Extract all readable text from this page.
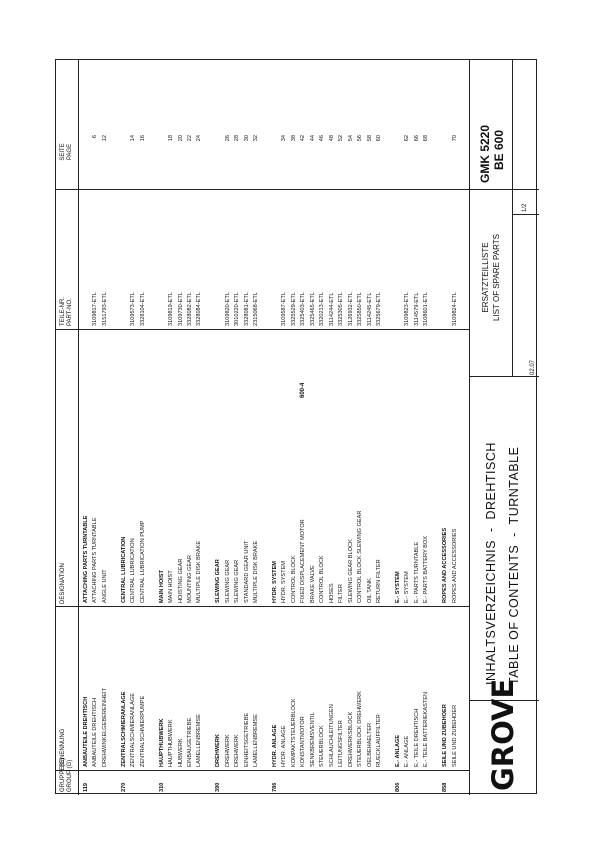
600-4
GRUPPE(G)
GROUP (G)
BENENNUNG
DESIGNATION
TEILE-NR.
PART-NO.
SEITE
PAGE
119
ANBAUTEILE DREHTISCH
ATTACHING PARTS TURNTABLE
ANBAUTEILE DREHTISCH
ATTACHING PARTS TURNTABLE
3109817-ETL
6
DREHWINKELGEBEREINHEIT
ANGLE UNIT
3151793-ETL
12
270
ZENTRALSCHMIERANLAGE
CENTRAL LUBRICATION
ZENTRALSCHMIERANLAGE
CENTRAL LUBRICATION
3109573-ETL
14
ZENTRALSCHMIERPUMPE
CENTRAL LUBRICATION PUMP
3328104-ETL
16
310
HAUPTHUBWERK
MAIN HOIST
HAUPTHUBWERK
MAIN HOIST
3109819-ETL
18
HUBWERK
HOISTING GEAR
3109730-ETL
20
EINBAUGETRIEBE
MOUNTING GEAR
3328082-ETL
22
LAMELLENBREMSE
MULTIPLE DISK BRAKE
3328084-ETL
24
390
DREHWERK
SLEWING GEAR
DREHWERK
SLEWING GEAR
3109820-ETL
26
DREHWERK
SLEWING GEAR
3010220-ETL
28
EINHEITSGETRIEBE
STANDARD GEAR UNIT
3328081-ETL
30
LAMELLENBREMSE
MULTIPLE DISK BRAKE
2315068-ETL
32
786
HYDR. ANLAGE
HYDR. SYSTEM
HYDR. ANLAGE
HYDR. SYSTEM
3109587-ETL
34
KOMPAKTSTEUERBLOCK
CONTROL BLOCK
3325529-ETL
38
KONSTANTMOTOR
FIXED DISPLACEMENT MOTOR
3325403-ETL
42
SENKBREMSVENTIL
BRAKE VALVE
3325465-ETL
44
STEUERBLOCK
CONTROL BLOCK
3320213-ETL
46
SCHLAUCHLEITUNGEN
HOSES
3114244-ETL
48
LEITUNGSFILTER
FILTER
3325305-ETL
52
DREHWERKSBLOCK
SLEWING GEAR BLOCK
3126932-ETL
54
STEUERBLOCK DREHWERK
CONTROL BLOCK SLEWING GEAR
3325850-ETL
56
OELBEHAELTER
OIL TANK
3114245-ETL
58
RUECKLAUFFILTER
RETURN FILTER
3325679-ETL
60
806
E.- ANLAGE
E.- SYSTEM
E.- ANLAGE
E.- SYSTEM
3109823-ETL
62
E.- TEILE DREHTISCH
E.- PARTS TURNTABLE
3114579-ETL
66
E.- TEILE BATTERIEKASTEN
E.- PARTS BATTERY BOX
3108601-ETL
68
858
SEILE UND ZUBEHOER
ROPES AND ACCESSORIES
SEILE UND ZUBEHOER
ROPES AND ACCESSORIES
3109824-ETL
70
GROVE
INHALTSVERZEICHNIS  -  DREHTISCH TABLE OF CONTENTS  -  TURNTABLE
ERSATZTEILLISTE LIST OF SPARE PARTS
02.07
1/2
GMK 5220 BE 600
